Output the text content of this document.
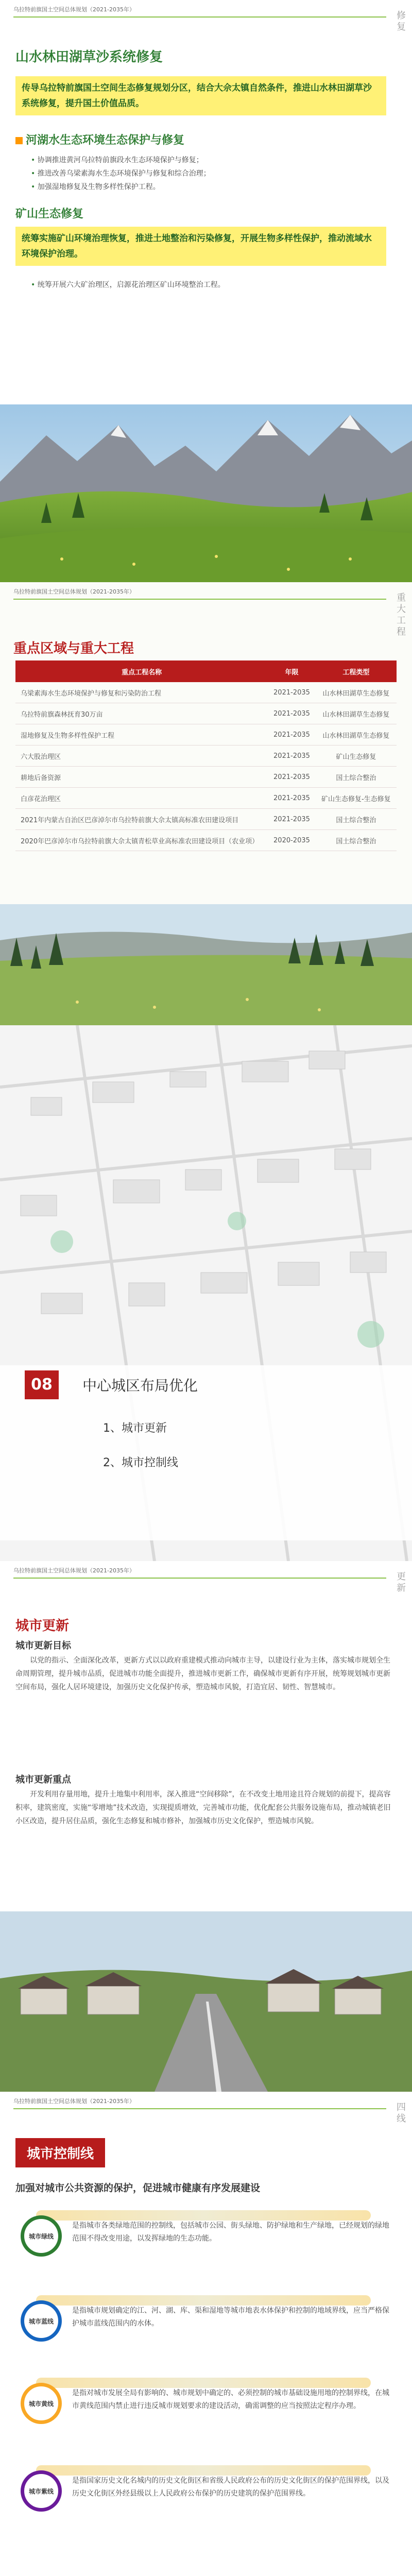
乌拉特前旗国土空间总体规划（2021-2035年）
修复
山水林田湖草沙系统修复
传导乌拉特前旗国土空间生态修复规划分区，结合大佘太镇自然条件，推进山水林田湖草沙系统修复，提升国土价值品质。
河湖水生态环境生态保护与修复
• 协调推进黄河乌拉特前旗段水生态环境保护与修复；
• 推进改善乌梁素海水生态环境保护与修复和综合治理；
• 加强湿地修复及生物多样性保护工程。
矿山生态修复
统筹实施矿山环境治理恢复，推进土地整治和污染修复，开展生物多样性保护，推动流域水环境保护治理。
• 统筹开展六大矿治理区，启源花治理区矿山环境整治工程。
乌拉特前旗国土空间总体规划（2021-2035年）
重大工程
重点区域与重大工程
重点工程名称	年限	工程类型
乌梁素海水生态环境保护与修复和污染防治工程	2021-2035	山水林田湖草生态修复
乌拉特前旗森林抚育30万亩	2021-2035	山水林田湖草生态修复
湿地修复及生物多样性保护工程	2021-2035	山水林田湖草生态修复
六大股治理区	2021-2035	矿山生态修复
耕地后备资源	2021-2035	国土综合整治
白彦花治理区	2021-2035	矿山生态修复-生态修复
2021年内蒙古自治区巴彦淖尔市乌拉特前旗大佘太镇高标准农田建设项目	2021-2035	国土综合整治
2020年巴彦淖尔市乌拉特前旗大佘太镇青松草业高标准农田建设项目（农业项）	2020-2035	国土综合整治
08	中心城区布局优化
1、城市更新
2、城市控制线
乌拉特前旗国土空间总体规划（2021-2035年）
更新
城市更新
城市更新目标
以党的指示、全面深化改革，更新方式以以政府重建模式推动向城市主导，以建设行业为主体，落实城市规划全生命周期管理，提升城市品质，促进城市功能全面提升，推进城市更新工作，确保城市更新有序开展，统筹规划城市更新空间布局，强化人居环境建设，加强历史文化保护传承，塑造城市风貌，打造宜居、韧性、智慧城市。
城市更新重点
开发利用存量用地，提升土地集中利用率，深入推进“空间移除”，在不改变土地用途且符合规划的前提下，提高容积率，建筑密度，实施“零增地”技术改造，实现提质增效，完善城市功能，优化配套公共服务设施布局，推动城镇老旧小区改造，提升居住品质，强化生态修复和城市修补，加强城市历史文化保护，塑造城市风貌。
乌拉特前旗国土空间总体规划（2021-2035年）
四线
城市控制线
加强对城市公共资源的保护，促进城市健康有序发展建设
城市绿线
是指城市各类绿地范围的控制线，包括城市公园、街头绿地、防护绿地和生产绿地，已经规划的绿地范围不得改变用途，以发挥绿地的生态功能。
城市蓝线
是指城市规划确定的江、河、湖、库、渠和湿地等城市地表水体保护和控制的地域界线，应当严格保护城市蓝线范围内的水体。
城市黄线
是指对城市发展全局有影响的、城市规划中确定的、必须控制的城市基础设施用地的控制界线，在城市黄线范围内禁止进行违反城市规划要求的建设活动，确需调整的应当按照法定程序办理。
城市紫线
是指国家历史文化名城内的历史文化街区和省级人民政府公布的历史文化街区的保护范围界线，以及历史文化街区外经县级以上人民政府公布保护的历史建筑的保护范围界线。
